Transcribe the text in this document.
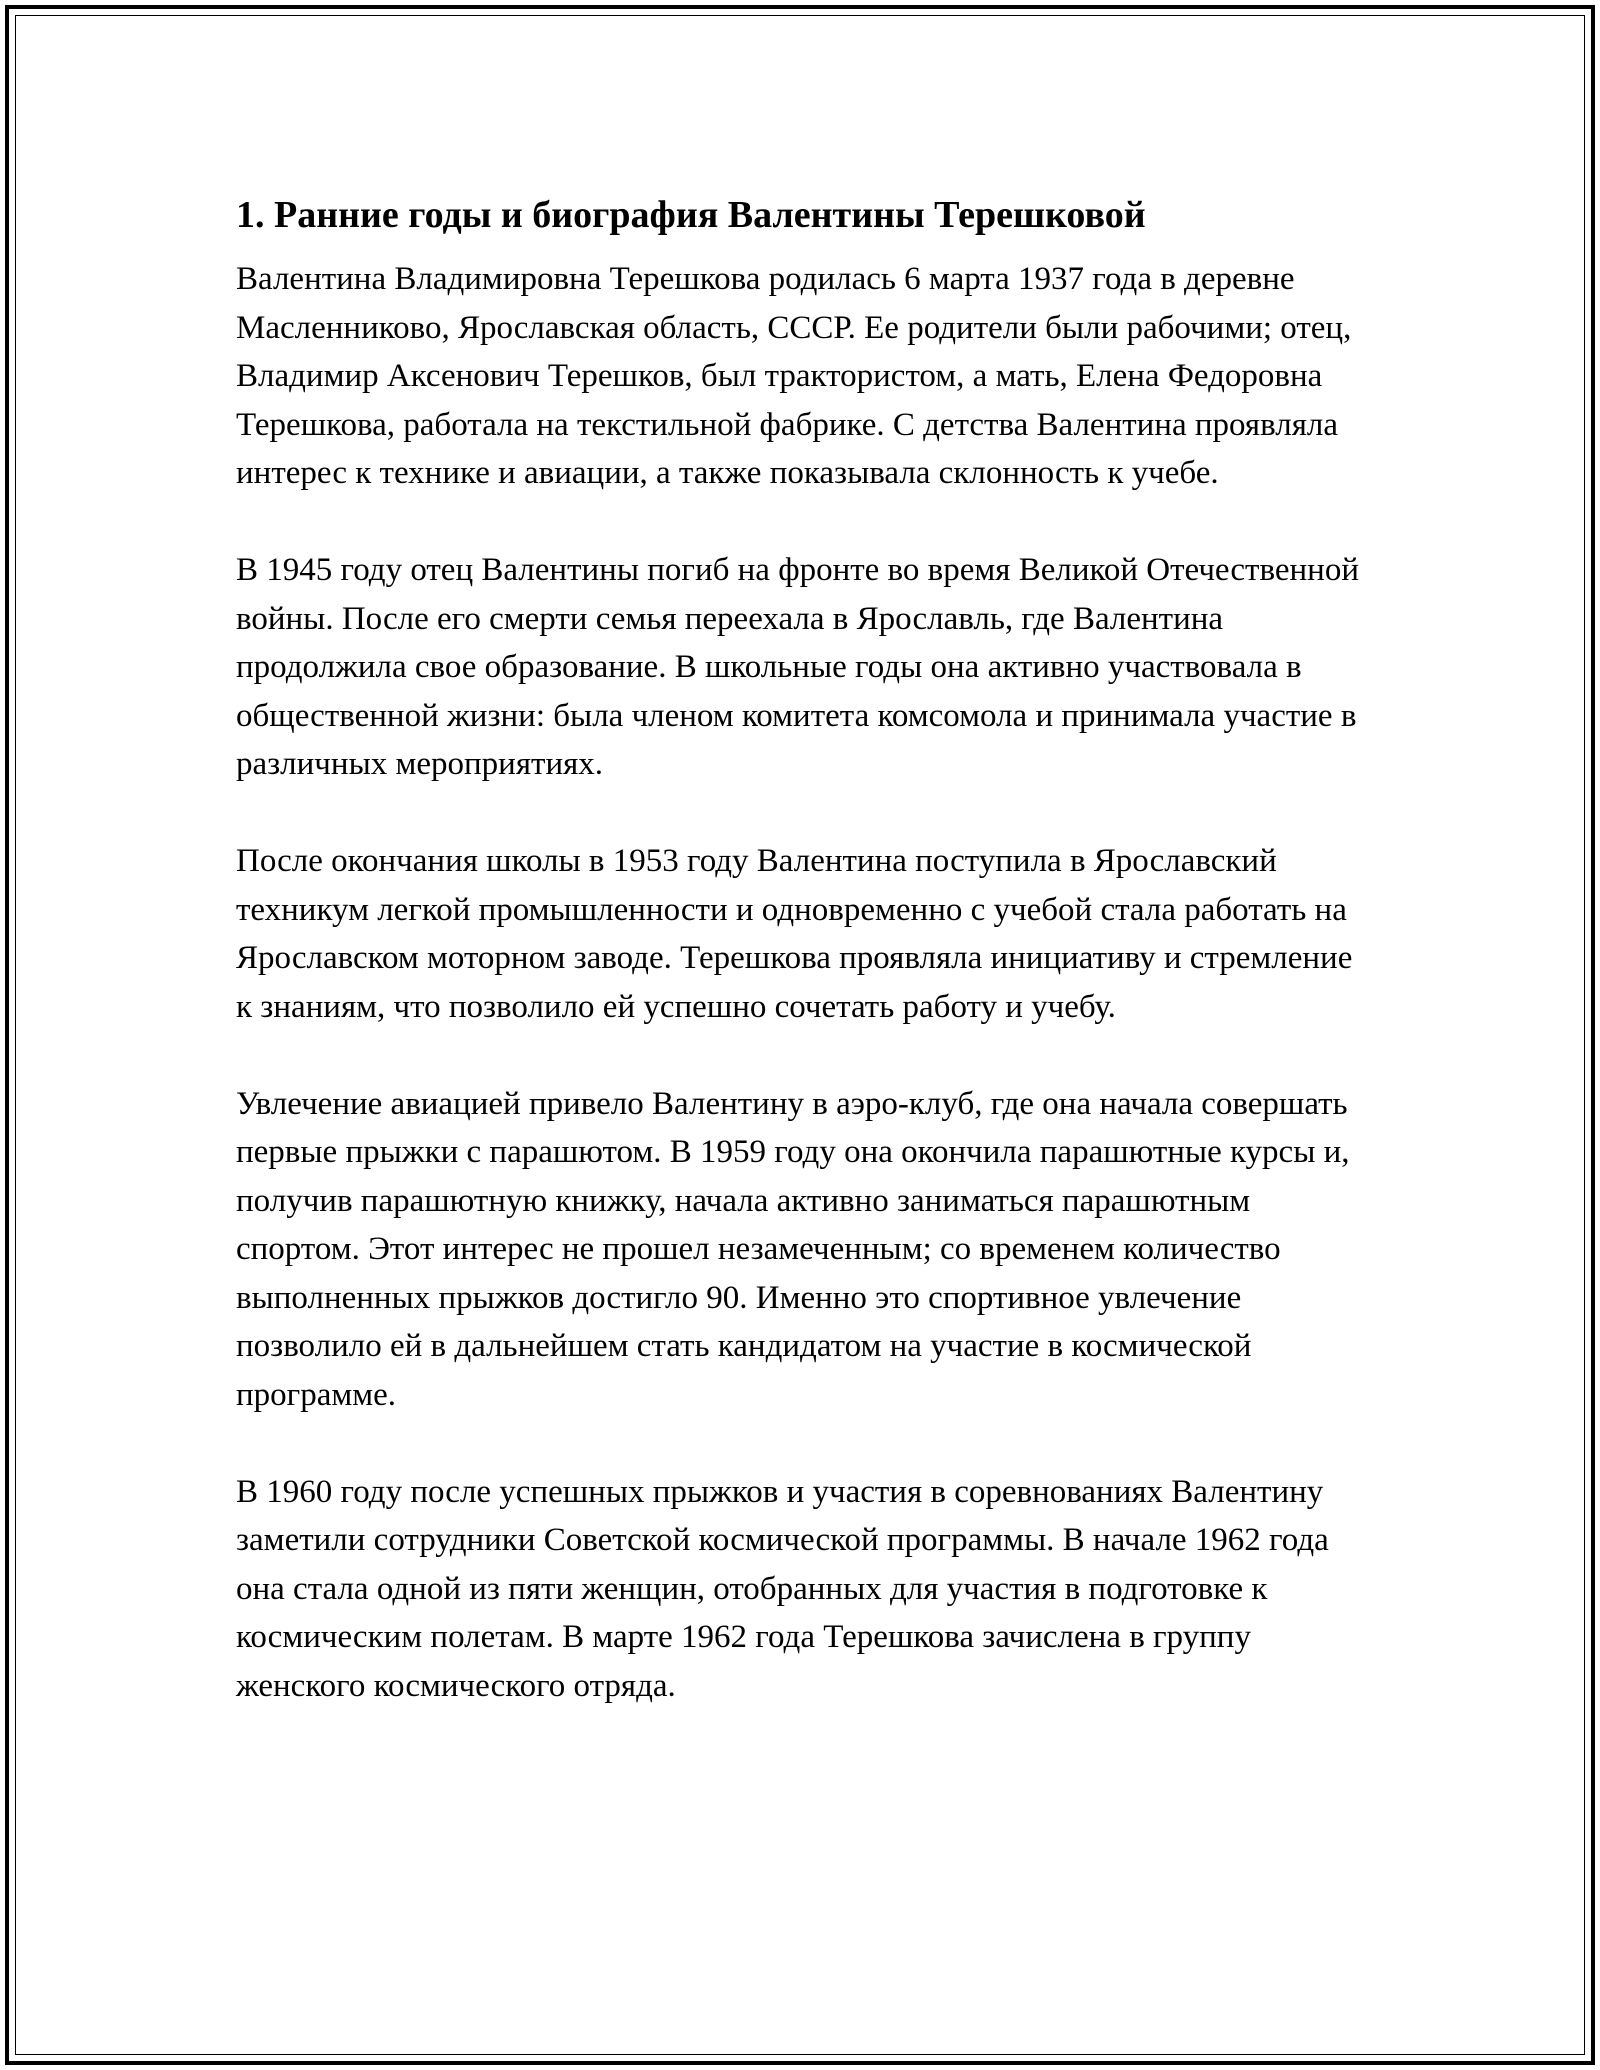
1. Ранние годы и биография Валентины Терешковой

Валентина Владимировна Терешкова родилась 6 марта 1937 года в деревне Масленниково, Ярославская область, СССР. Ее родители были рабочими; отец, Владимир Аксенович Терешков, был трактористом, а мать, Елена Федоровна Терешкова, работала на текстильной фабрике. С детства Валентина проявляла интерес к технике и авиации, а также показывала склонность к учебе.

В 1945 году отец Валентины погиб на фронте во время Великой Отечественной войны. После его смерти семья переехала в Ярославль, где Валентина продолжила свое образование. В школьные годы она активно участвовала в общественной жизни: была членом комитета комсомола и принимала участие в различных мероприятиях.

После окончания школы в 1953 году Валентина поступила в Ярославский техникум легкой промышленности и одновременно с учебой стала работать на Ярославском моторном заводе. Терешкова проявляла инициативу и стремление к знаниям, что позволило ей успешно сочетать работу и учебу.

Увлечение авиацией привело Валентину в аэро-клуб, где она начала совершать первые прыжки с парашютом. В 1959 году она окончила парашютные курсы и, получив парашютную книжку, начала активно заниматься парашютным спортом. Этот интерес не прошел незамеченным; со временем количество выполненных прыжков достигло 90. Именно это спортивное увлечение позволило ей в дальнейшем стать кандидатом на участие в космической программе.

В 1960 году после успешных прыжков и участия в соревнованиях Валентину заметили сотрудники Советской космической программы. В начале 1962 года она стала одной из пяти женщин, отобранных для участия в подготовке к космическим полетам. В марте 1962 года Терешкова зачислена в группу женского космического отряда.
